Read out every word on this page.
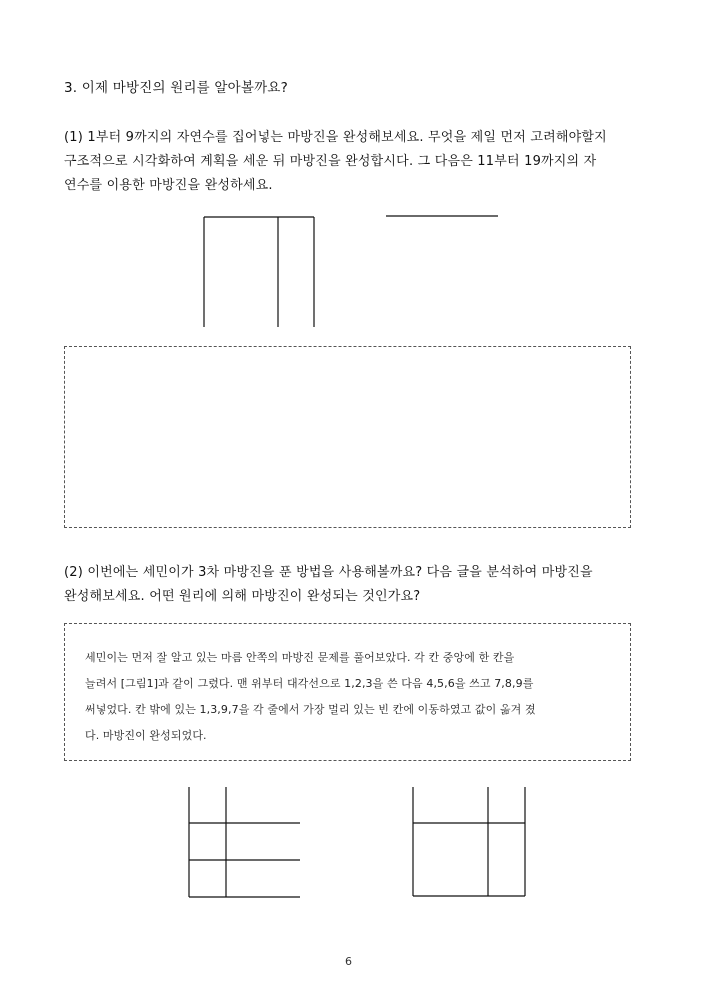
3. 이제 마방진의 원리를 알아볼까요?
(1) 1부터 9까지의 자연수를 집어넣는 마방진을 완성해보세요. 무엇을 제일 먼저 고려해야할지
구조적으로 시각화하여 계획을 세운 뒤 마방진을 완성합시다. 그 다음은 11부터 19까지의 자
연수를 이용한 마방진을 완성하세요.
(2) 이번에는 세민이가 3차 마방진을 푼 방법을 사용해볼까요? 다음 글을 분석하여 마방진을
완성해보세요. 어떤 원리에 의해 마방진이 완성되는 것인가요?
세민이는 먼저 잘 알고 있는 마름 안쪽의 마방진 문제를 풀어보았다. 각 칸 중앙에 한 칸을
늘려서 [그림1]과 같이 그렸다. 맨 위부터 대각선으로 1,2,3을 쓴 다음 4,5,6을 쓰고 7,8,9를
써넣었다. 칸 밖에 있는 1,3,9,7을 각 줄에서 가장 멀리 있는 빈 칸에 이동하였고 값이 옮겨 졌
다. 마방진이 완성되었다.
6
